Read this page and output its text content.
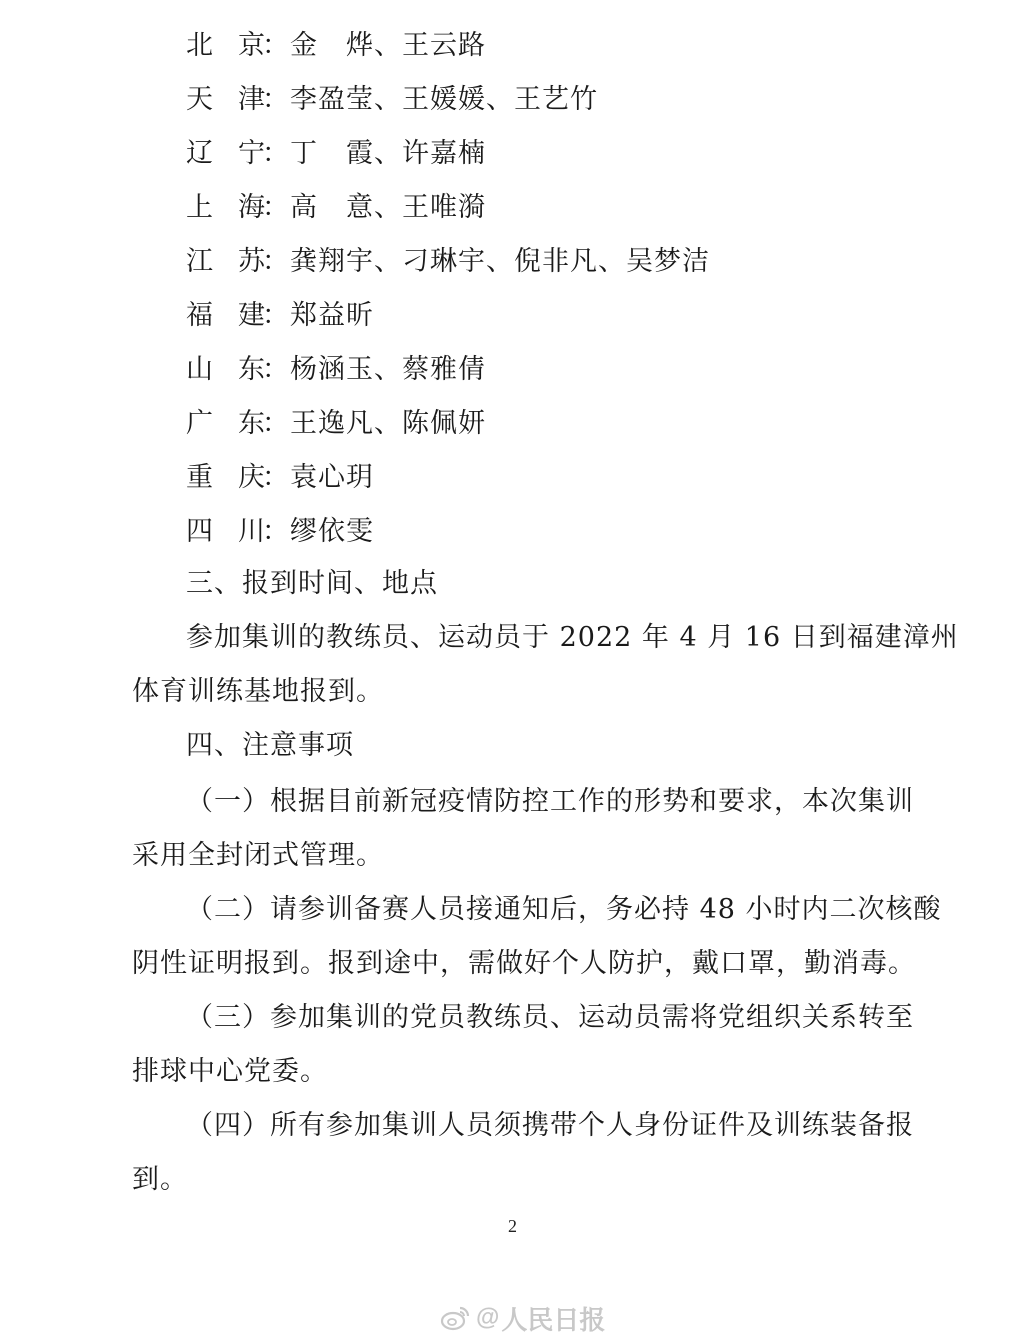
北 京：金　烨、王云路
天 津：李盈莹、王媛媛、王艺竹
辽 宁：丁　霞、许嘉楠
上 海：高　意、王唯漪
江 苏：龚翔宇、刁琳宇、倪非凡、吴梦洁
福 建：郑益昕
山 东：杨涵玉、蔡雅倩
广 东：王逸凡、陈佩妍
重 庆：袁心玥
四 川：缪依雯
三、报到时间、地点
参加集训的教练员、运动员于 2022 年 4 月 16 日到福建漳州
体育训练基地报到。
四、注意事项
（一）根据目前新冠疫情防控工作的形势和要求，本次集训
采用全封闭式管理。
（二）请参训备赛人员接通知后，务必持 48 小时内二次核酸
阴性证明报到。报到途中，需做好个人防护，戴口罩，勤消毒。
（三）参加集训的党员教练员、运动员需将党组织关系转至
排球中心党委。
（四）所有参加集训人员须携带个人身份证件及训练装备报
到。
2
@ 人民日报
